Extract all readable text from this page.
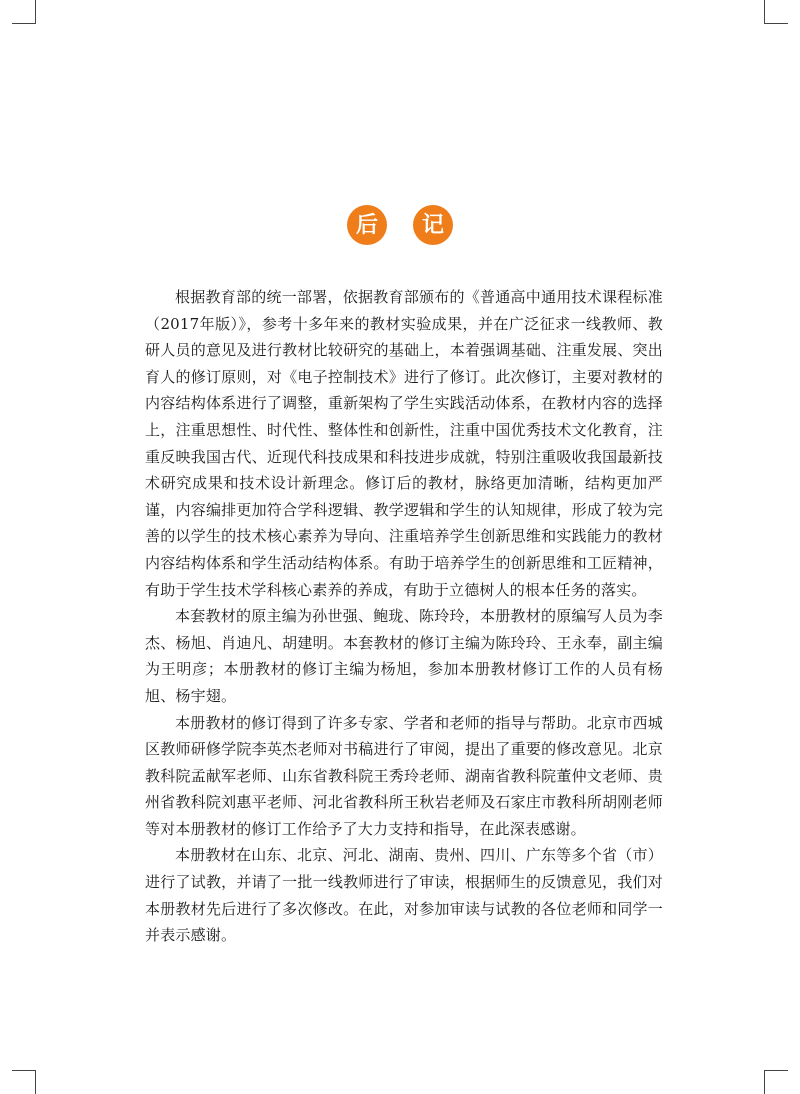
后	记

根据教育部的统一部署，依据教育部颁布的《普通高中通用技术课程标准（2017年版）》，参考十多年来的教材实验成果，并在广泛征求一线教师、教研人员的意见及进行教材比较研究的基础上，本着强调基础、注重发展、突出育人的修订原则，对《电子控制技术》进行了修订。此次修订，主要对教材的内容结构体系进行了调整，重新架构了学生实践活动体系，在教材内容的选择上，注重思想性、时代性、整体性和创新性，注重中国优秀技术文化教育，注重反映我国古代、近现代科技成果和科技进步成就，特别注重吸收我国最新技术研究成果和技术设计新理念。修订后的教材，脉络更加清晰，结构更加严谨，内容编排更加符合学科逻辑、教学逻辑和学生的认知规律，形成了较为完善的以学生的技术核心素养为导向、注重培养学生创新思维和实践能力的教材内容结构体系和学生活动结构体系。有助于培养学生的创新思维和工匠精神，有助于学生技术学科核心素养的养成，有助于立德树人的根本任务的落实。

本套教材的原主编为孙世强、鲍珑、陈玲玲，本册教材的原编写人员为李杰、杨旭、肖迪凡、胡建明。本套教材的修订主编为陈玲玲、王永奉，副主编为王明彦；本册教材的修订主编为杨旭，参加本册教材修订工作的人员有杨旭、杨宇翅。

本册教材的修订得到了许多专家、学者和老师的指导与帮助。北京市西城区教师研修学院李英杰老师对书稿进行了审阅，提出了重要的修改意见。北京教科院孟献军老师、山东省教科院王秀玲老师、湖南省教科院董仲文老师、贵州省教科院刘惠平老师、河北省教科所王秋岩老师及石家庄市教科所胡刚老师等对本册教材的修订工作给予了大力支持和指导，在此深表感谢。

本册教材在山东、北京、河北、湖南、贵州、四川、广东等多个省（市）进行了试教，并请了一批一线教师进行了审读，根据师生的反馈意见，我们对本册教材先后进行了多次修改。在此，对参加审读与试教的各位老师和同学一并表示感谢。
